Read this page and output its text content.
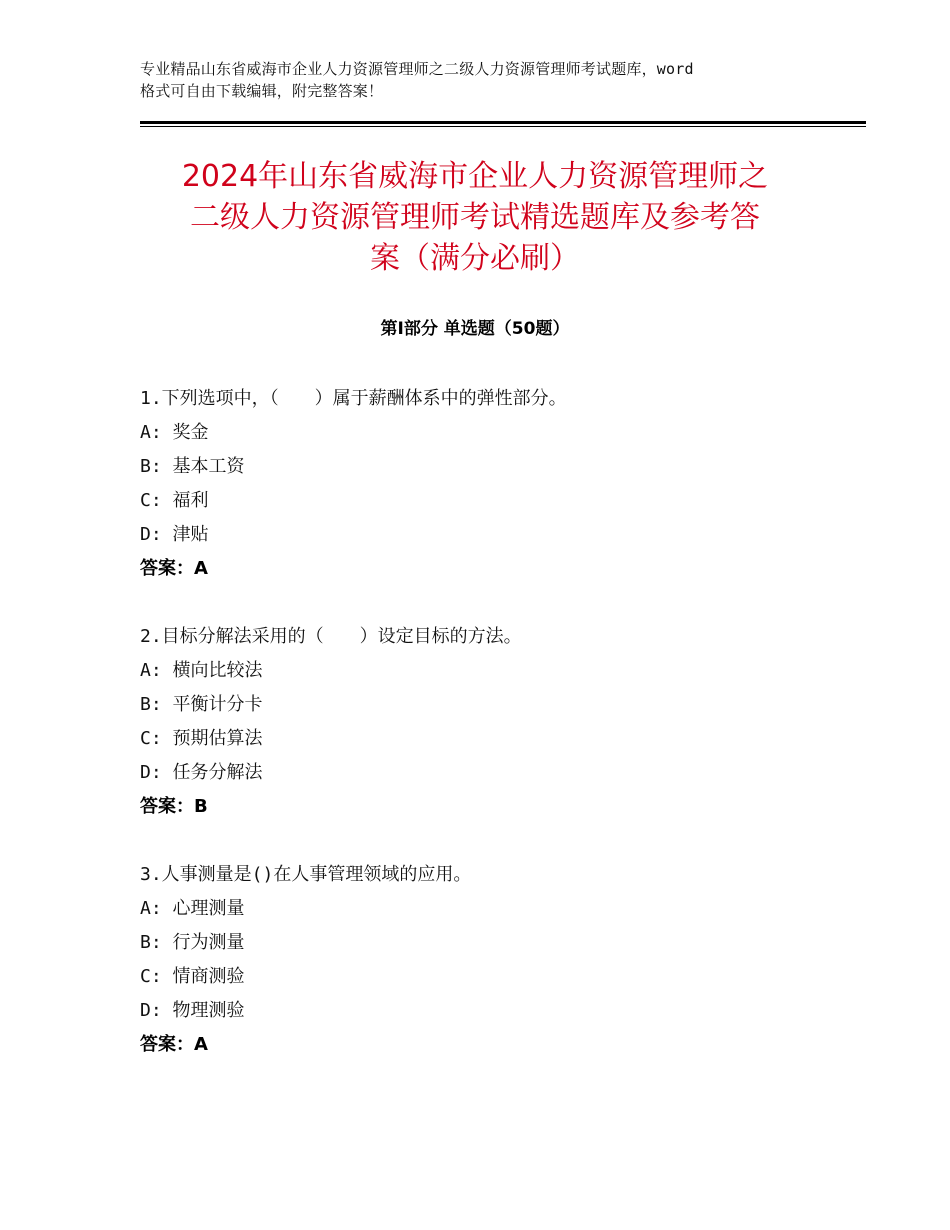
专业精品山东省威海市企业人力资源管理师之二级人力资源管理师考试题库，word
格式可自由下载编辑，附完整答案！
2024年山东省威海市企业人力资源管理师之
二级人力资源管理师考试精选题库及参考答
案（满分必刷）
第Ⅰ部分 单选题（50题）
1.下列选项中，（　　）属于薪酬体系中的弹性部分。
A: 奖金
B: 基本工资
C: 福利
D: 津贴
答案：A
2.目标分解法采用的（　　）设定目标的方法。
A: 横向比较法
B: 平衡计分卡
C: 预期估算法
D: 任务分解法
答案：B
3.人事测量是()在人事管理领域的应用。
A: 心理测量
B: 行为测量
C: 情商测验
D: 物理测验
答案：A
